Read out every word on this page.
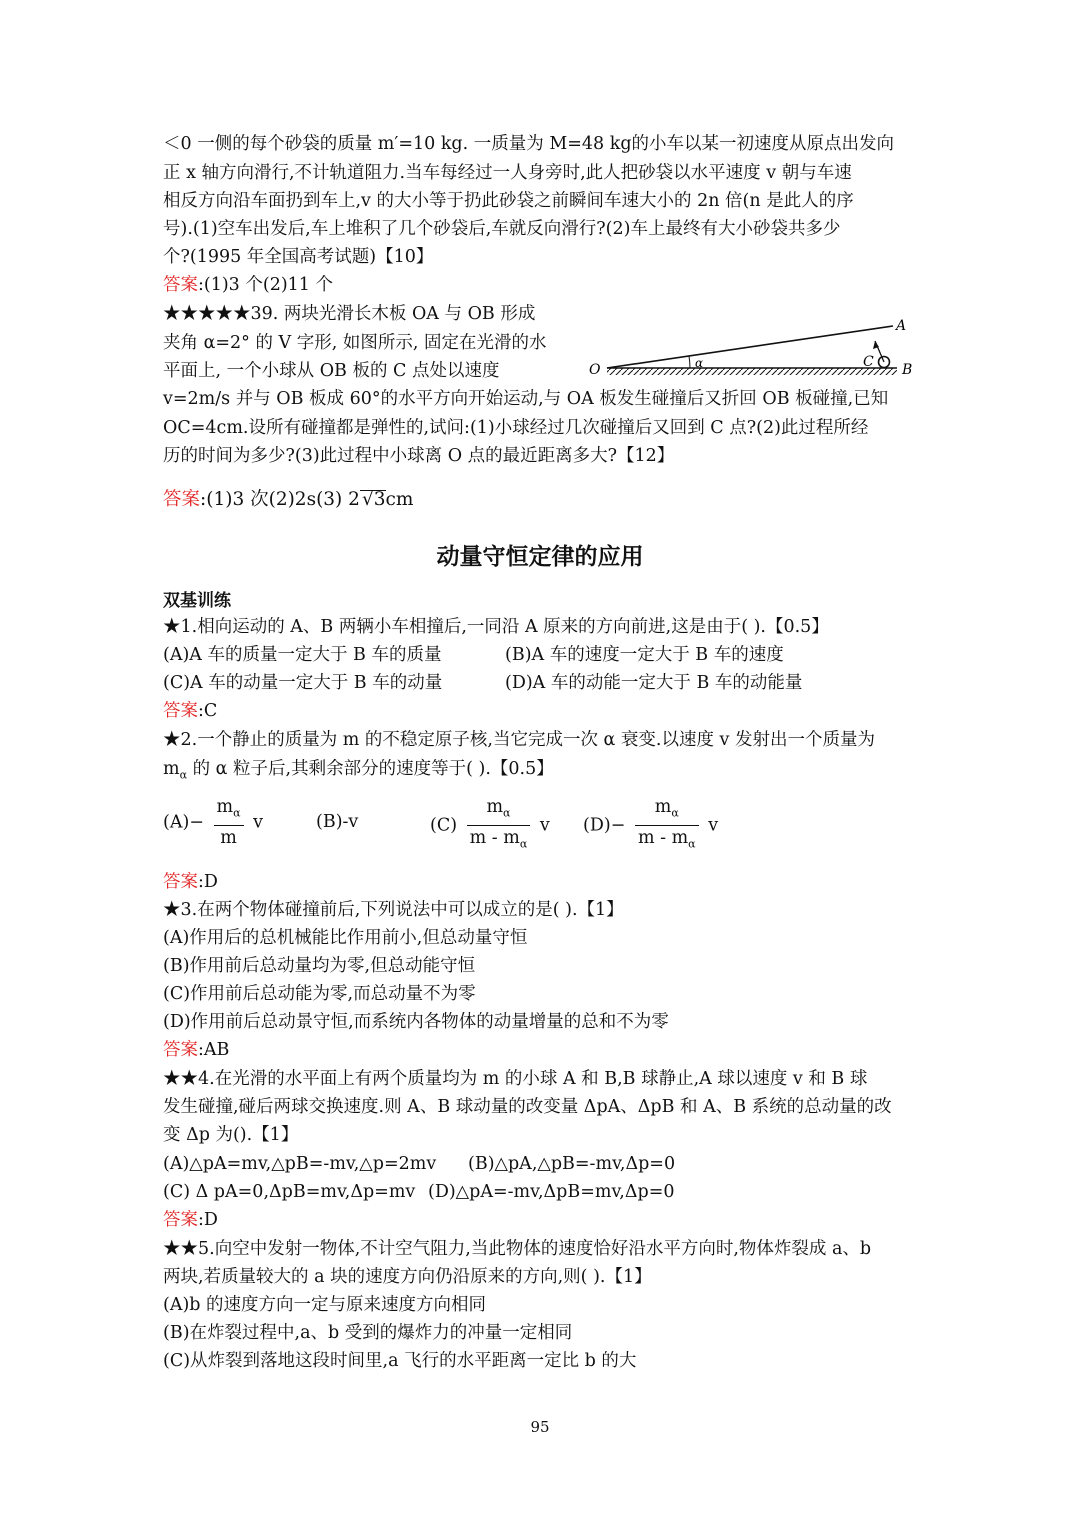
＜0 一侧的每个砂袋的质量 m′=10 kg. 一质量为 M=48 kg的小车以某一初速度从原点出发向
正 x 轴方向滑行,不计轨道阻力.当车每经过一人身旁时,此人把砂袋以水平速度 v 朝与车速
相反方向沿车面扔到车上,v 的大小等于扔此砂袋之前瞬间车速大小的 2n 倍(n 是此人的序
号).(1)空车出发后,车上堆积了几个砂袋后,车就反向滑行?(2)车上最终有大小砂袋共多少
个?(1995 年全国高考试题)【10】
答案:(1)3 个(2)11 个
★★★★★39. 两块光滑长木板 OA 与 OB 形成
夹角 α=2° 的 V 字形, 如图所示, 固定在光滑的水
平面上, 一个小球从 OB 板的 C 点处以速度
v=2m/s 并与 OB 板成 60°的水平方向开始运动,与 OA 板发生碰撞后又折回 OB 板碰撞,已知
OC=4cm.设所有碰撞都是弹性的,试问:(1)小球经过几次碰撞后又回到 C 点?(2)此过程所经
历的时间为多少?(3)此过程中小球离 O 点的最近距离多大?【12】
O
A
B
C
α
答案:(1)3 次(2)2s(3) 2 √3cm
动量守恒定律的应用
双基训练
★1.相向运动的 A、B 两辆小车相撞后,一同沿 A 原来的方向前进,这是由于( ).【0.5】
(A)A 车的质量一定大于 B 车的质量	(B)A 车的速度一定大于 B 车的速度
(C)A 车的动量一定大于 B 车的动量	(D)A 车的动能一定大于 B 车的动能量
答案:C
★2.一个静止的质量为 m 的不稳定原子核,当它完成一次 α 衰变.以速度 v 发射出一个质量为
$m_\alpha$ 的 α 粒子后,其剩余部分的速度等于( ).【0.5】
$(A)- \frac{m_\alpha}{m}$ v	(B)-v	$(C) \frac{m_\alpha}{m - m_\alpha}$ v $(D)- \frac{m_\alpha}{m - m_\alpha}$ v
答案:D
★3.在两个物体碰撞前后,下列说法中可以成立的是( ).【1】
(A)作用后的总机械能比作用前小,但总动量守恒
(B)作用前后总动量均为零,但总动能守恒
(C)作用前后总动能为零,而总动量不为零
(D)作用前后总动景守恒,而系统内各物体的动量增量的总和不为零
答案:AB
★★4.在光滑的水平面上有两个质量均为 m 的小球 A 和 B,B 球静止,A 球以速度 v 和 B 球
发生碰撞,碰后两球交换速度.则 A、B 球动量的改变量 ΔpA、ΔpB 和 A、B 系统的总动量的改
变 Δp 为().【1】
(A)△pA=mv,△pB=-mv,△p=2mv (B)△pA,△pB=-mv,Δp=0
(C) Δ pA=0,ΔpB=mv,Δp=mv (D)△pA=-mv,ΔpB=mv,Δp=0
答案:D
★★5.向空中发射一物体,不计空气阻力,当此物体的速度恰好沿水平方向时,物体炸裂成 a、b
两块,若质量较大的 a 块的速度方向仍沿原来的方向,则( ).【1】
(A)b 的速度方向一定与原来速度方向相同
(B)在炸裂过程中,a、b 受到的爆炸力的冲量一定相同
(C)从炸裂到落地这段时间里,a 飞行的水平距离一定比 b 的大
95
